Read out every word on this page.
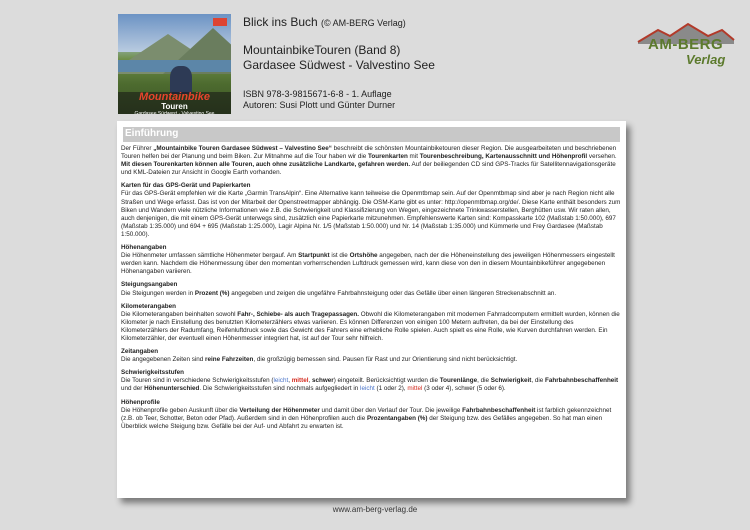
Mountainbike
Touren
Gardasee Südwest · Valvestino See
Blick ins Buch (© AM-BERG Verlag)
MountainbikeTouren (Band 8)
Gardasee Südwest - Valvestino See
ISBN 978-3-9815671-6-8 - 1. Auflage
Autoren: Susi Plott und Günter Durner
AM-BERG
Verlag
Einführung

Der Führer „Mountainbike Touren Gardasee Südwest – Valvestino See“ beschreibt die schönsten Mountainbiketouren dieser Region. Die ausgearbeiteten und beschriebenen Touren helfen bei der Planung und beim Biken. Zur Mitnahme auf die Tour haben wir die Tourenkarten mit Tourenbeschreibung, Kartenausschnitt und Höhenprofil versehen. Mit diesen Tourenkarten können alle Touren, auch ohne zusätzliche Landkarte, gefahren werden. Auf der beiliegenden CD sind GPS-Tracks für Satellitennavigationsgeräte und KML-Dateien zur Ansicht in Google Earth vorhanden.

Karten für das GPS-Gerät und Papierkarten

Für das GPS-Gerät empfehlen wir die Karte „Garmin TransAlpin“. Eine Alternative kann teilweise die Openmtbmap sein. Auf der Openmtbmap sind aber je nach Region nicht alle Straßen und Wege erfasst. Das ist von der Mitarbeit der Openstreetmapper abhängig. Die OSM-Karte gibt es unter: http://openmtbmap.org/de/. Diese Karte enthält besonders zum Biken und Wandern viele nützliche Informationen wie z.B. die Schwierigkeit und Klassifizierung von Wegen, eingezeichnete Trinkwasserstellen, Berghütten usw. Wir raten allen, auch denjenigen, die mit einem GPS-Gerät unterwegs sind, zusätzlich eine Papierkarte mitzunehmen. Empfehlenswerte Karten sind: Kompasskarte 102 (Maßstab 1:50.000), 697 (Maßstab 1:35.000) und 694 + 695 (Maßstab 1:25.000), Lagir Alpina Nr. 1/5 (Maßstab 1:50.000) und Nr. 14 (Maßstab 1:35.000) und Kümmerle und Frey Gardasee (Maßstab 1:50.000).

Höhenangaben

Die Höhenmeter umfassen sämtliche Höhenmeter bergauf. Am Startpunkt ist die Ortshöhe angegeben, nach der die Höheneinstellung des jeweiligen Höhenmessers eingestellt werden kann. Nachdem die Höhenmessung über den momentan vorherrschenden Luftdruck gemessen wird, kann diese von den in diesem Mountainbikeführer angegebenen Höhenangaben variieren.

Steigungsangaben

Die Steigungen werden in Prozent (%) angegeben und zeigen die ungefähre Fahrbahnsteigung oder das Gefälle über einen längeren Streckenabschnitt an.

Kilometerangaben

Die Kilometerangaben beinhalten sowohl Fahr-, Schiebe- als auch Tragepassagen. Obwohl die Kilometerangaben mit modernen Fahrradcomputern ermittelt wurden, können die Kilometer je nach Einstellung des benutzten Kilometerzählers etwas variieren. Es können Differenzen von einigen 100 Metern auftreten, da bei der Einstellung des Kilometerzählers der Radumfang, Reifenluftdruck sowie das Gewicht des Fahrers eine erhebliche Rolle spielen. Auch spielt es eine Rolle, wie Kurven durchfahren werden. Ein Kilometerzähler, der eventuell einen Höhenmesser integriert hat, ist auf der Tour sehr hilfreich.

Zeitangaben

Die angegebenen Zeiten sind reine Fahrzeiten, die großzügig bemessen sind. Pausen für Rast und zur Orientierung sind nicht berücksichtigt.

Schwierigkeitsstufen

Die Touren sind in verschiedene Schwierigkeitsstufen (leicht, mittel, schwer) eingeteilt. Berücksichtigt wurden die Tourenlänge, die Schwierigkeit, die Fahrbahnbeschaffenheit und der Höhenunterschied. Die Schwierigkeitsstufen sind nochmals aufgegliedert in leicht (1 oder 2), mittel (3 oder 4), schwer (5 oder 6).

Höhenprofile

Die Höhenprofile geben Auskunft über die Verteilung der Höhenmeter und damit über den Verlauf der Tour. Die jeweilige Fahrbahnbeschaffenheit ist farblich gekennzeichnet (z.B. ob Teer, Schotter, Beton oder Pfad). Außerdem sind in den Höhenprofilen auch die Prozentangaben (%) der Steigung bzw. des Gefälles angegeben. So hat man einen Überblick welche Steigung bzw. Gefälle bei der Auf- und Abfahrt zu erwarten ist.

www.am-berg-verlag.de
